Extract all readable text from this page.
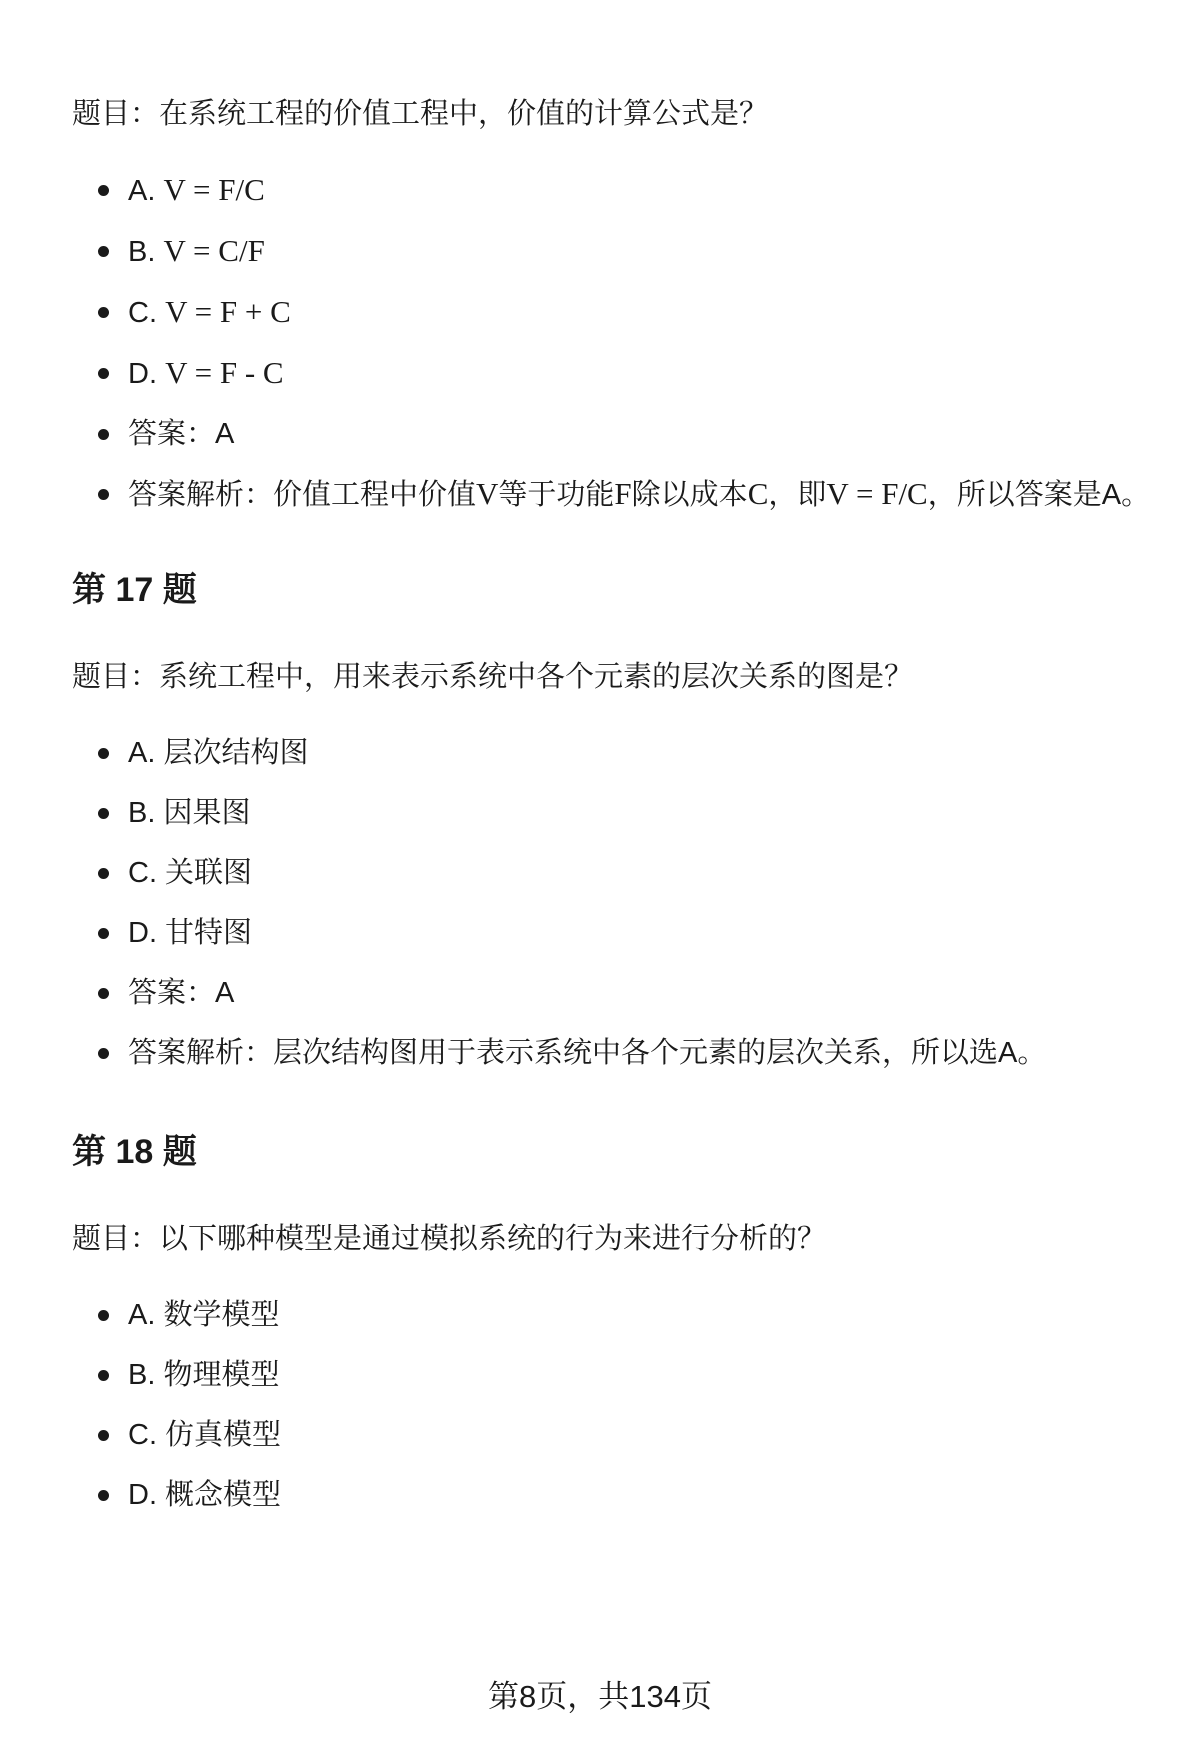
题目：在系统工程的价值工程中，价值的计算公式是？

A. V = F/C
B. V = C/F
C. V = F + C
D. V = F - C
答案：A
答案解析：价值工程中价值V等于功能F除以成本C，即V = F/C，所以答案是A。
第 17 题

题目：系统工程中，用来表示系统中各个元素的层次关系的图是？

A. 层次结构图
B. 因果图
C. 关联图
D. 甘特图
答案：A
答案解析：层次结构图用于表示系统中各个元素的层次关系，所以选A。
第 18 题

题目：以下哪种模型是通过模拟系统的行为来进行分析的？

A. 数学模型
B. 物理模型
C. 仿真模型
D. 概念模型
第8页，共134页
